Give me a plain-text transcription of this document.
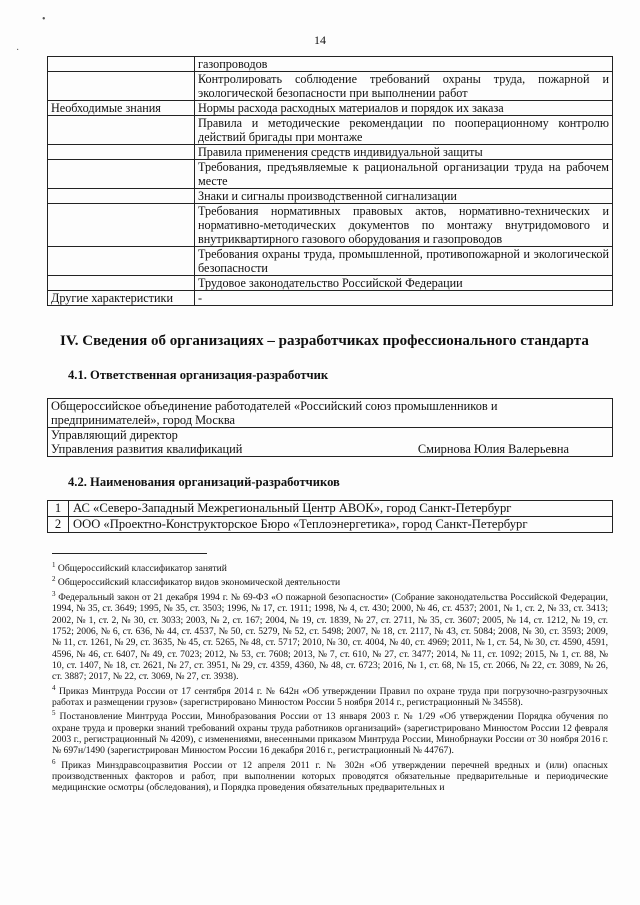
•
·
14
	газопроводов
	Контролировать соблюдение требований охраны труда, пожарной и экологической безопасности при выполнении работ
Необходимые знания	Нормы расхода расходных материалов и порядок их заказа
	Правила и методические рекомендации по пооперационному контролю действий бригады при монтаже
	Правила применения средств индивидуальной защиты
	Требования, предъявляемые к рациональной организации труда на рабочем месте
	Знаки и сигналы производственной сигнализации
	Требования нормативных правовых актов, нормативно-технических и нормативно-методических документов по монтажу внутридомового и внутриквартирного газового оборудования и газопроводов
	Требования охраны труда, промышленной, противопожарной и экологической безопасности
	Трудовое законодательство Российской Федерации
Другие характеристики	-
IV. Сведения об организациях – разработчиках профессионального стандарта
4.1. Ответственная организация-разработчик
Общероссийское объединение работодателей «Российский союз промышленников и предпринимателей», город Москва

Управляющий директор
Управления развития квалификаций	Смирнова Юлия Валерьевна
4.2. Наименования организаций-разработчиков
1	АС «Северо-Западный Межрегиональный Центр АВОК», город Санкт-Петербург
2	ООО «Проектно-Конструкторское Бюро «Теплоэнергетика», город Санкт-Петербург

$^1$ Общероссийский классификатор занятий

$^2$ Общероссийский классификатор видов экономической деятельности

$^3$ Федеральный закон от 21 декабря 1994 г. № 69-ФЗ «О пожарной безопасности» (Собрание законодательства Российской Федерации, 1994, № 35, ст. 3649; 1995, № 35, ст. 3503; 1996, № 17, ст. 1911; 1998, № 4, ст. 430; 2000, № 46, ст. 4537; 2001, № 1, ст. 2, № 33, ст. 3413; 2002, № 1, ст. 2, № 30, ст. 3033; 2003, № 2, ст. 167; 2004, № 19, ст. 1839, № 27, ст. 2711, № 35, ст. 3607; 2005, № 14, ст. 1212, № 19, ст. 1752; 2006, № 6, ст. 636, № 44, ст. 4537, № 50, ст. 5279, № 52, ст. 5498; 2007, № 18, ст. 2117, № 43, ст. 5084; 2008, № 30, ст. 3593; 2009, № 11, ст. 1261, № 29, ст. 3635, № 45, ст. 5265, № 48, ст. 5717; 2010, № 30, ст. 4004, № 40, ст. 4969; 2011, № 1, ст. 54, № 30, ст. 4590, 4591, 4596, № 46, ст. 6407, № 49, ст. 7023; 2012, № 53, ст. 7608; 2013, № 7, ст. 610, № 27, ст. 3477; 2014, № 11, ст. 1092; 2015, № 1, ст. 88, № 10, ст. 1407, № 18, ст. 2621, № 27, ст. 3951, № 29, ст. 4359, 4360, № 48, ст. 6723; 2016, № 1, ст. 68, № 15, ст. 2066, № 22, ст. 3089, № 26, ст. 3887; 2017, № 22, ст. 3069, № 27, ст. 3938).

$^4$ Приказ Минтруда России от 17 сентября 2014 г. № 642н «Об утверждении Правил по охране труда при погрузочно-разгрузочных работах и размещении грузов» (зарегистрировано Минюстом России 5 ноября 2014 г., регистрационный № 34558).

$^5$ Постановление Минтруда России, Минобразования России от 13 января 2003 г. № 1/29 «Об утверждении Порядка обучения по охране труда и проверки знаний требований охраны труда работников организаций» (зарегистрировано Минюстом России 12 февраля 2003 г., регистрационный № 4209), с изменениями, внесенными приказом Минтруда России, Минобрнауки России от 30 ноября 2016 г. № 697н/1490 (зарегистрирован Минюстом России 16 декабря 2016 г., регистрационный № 44767).

$^6$ Приказ Минздравсоцразвития России от 12 апреля 2011 г. № 302н «Об утверждении перечней вредных и (или) опасных производственных факторов и работ, при выполнении которых проводятся обязательные предварительные и периодические медицинские осмотры (обследования), и Порядка проведения обязательных предварительных и
